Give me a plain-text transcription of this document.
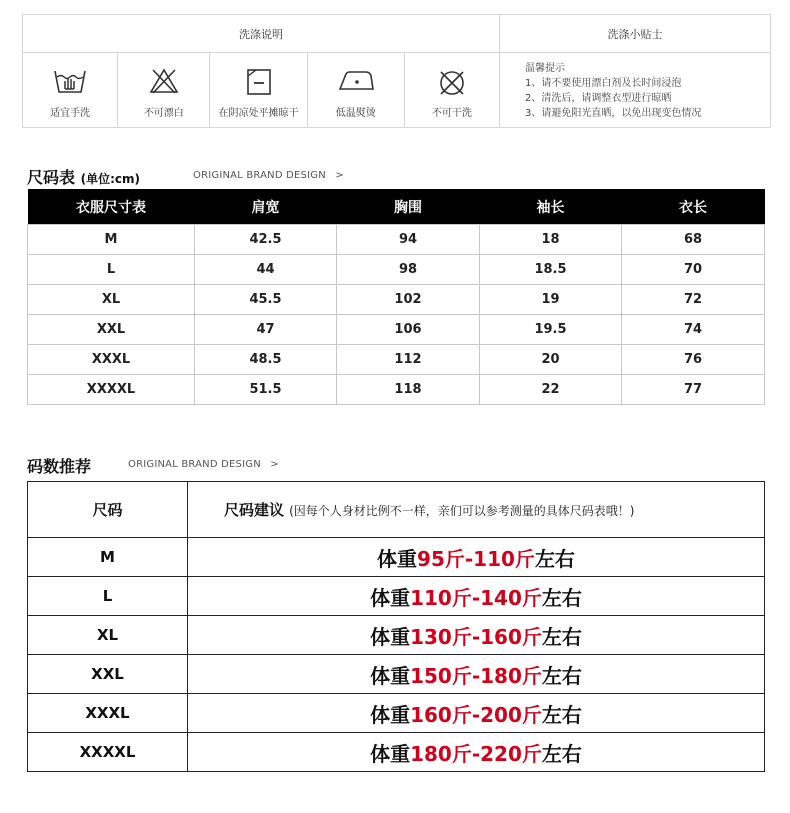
洗涤说明	洗涤小贴士
适宜手洗	不可漂白	在阴凉处平摊晾干	低温熨烫	不可干洗
温馨提示
1、请不要使用漂白剂及长时间浸泡
2、清洗后，请调整衣型进行晾晒
3、请避免阳光直晒，以免出现变色情况
尺码表 (单位:cm)	ORIGINAL BRAND DESIGN >
衣服尺寸表	肩宽	胸围	袖长	衣长
M	42.5	94	18	68
L	44	98	18.5	70
XL	45.5	102	19	72
XXL	47	106	19.5	74
XXXL	48.5	112	20	76
XXXXL	51.5	118	22	77
码数推荐	ORIGINAL BRAND DESIGN >
尺码	尺码建议 (因每个人身材比例不一样，亲们可以参考测量的具体尺码表哦！)
M	体重95斤-110斤左右
L	体重110斤-140斤左右
XL	体重130斤-160斤左右
XXL	体重150斤-180斤左右
XXXL	体重160斤-200斤左右
XXXXL	体重180斤-220斤左右
